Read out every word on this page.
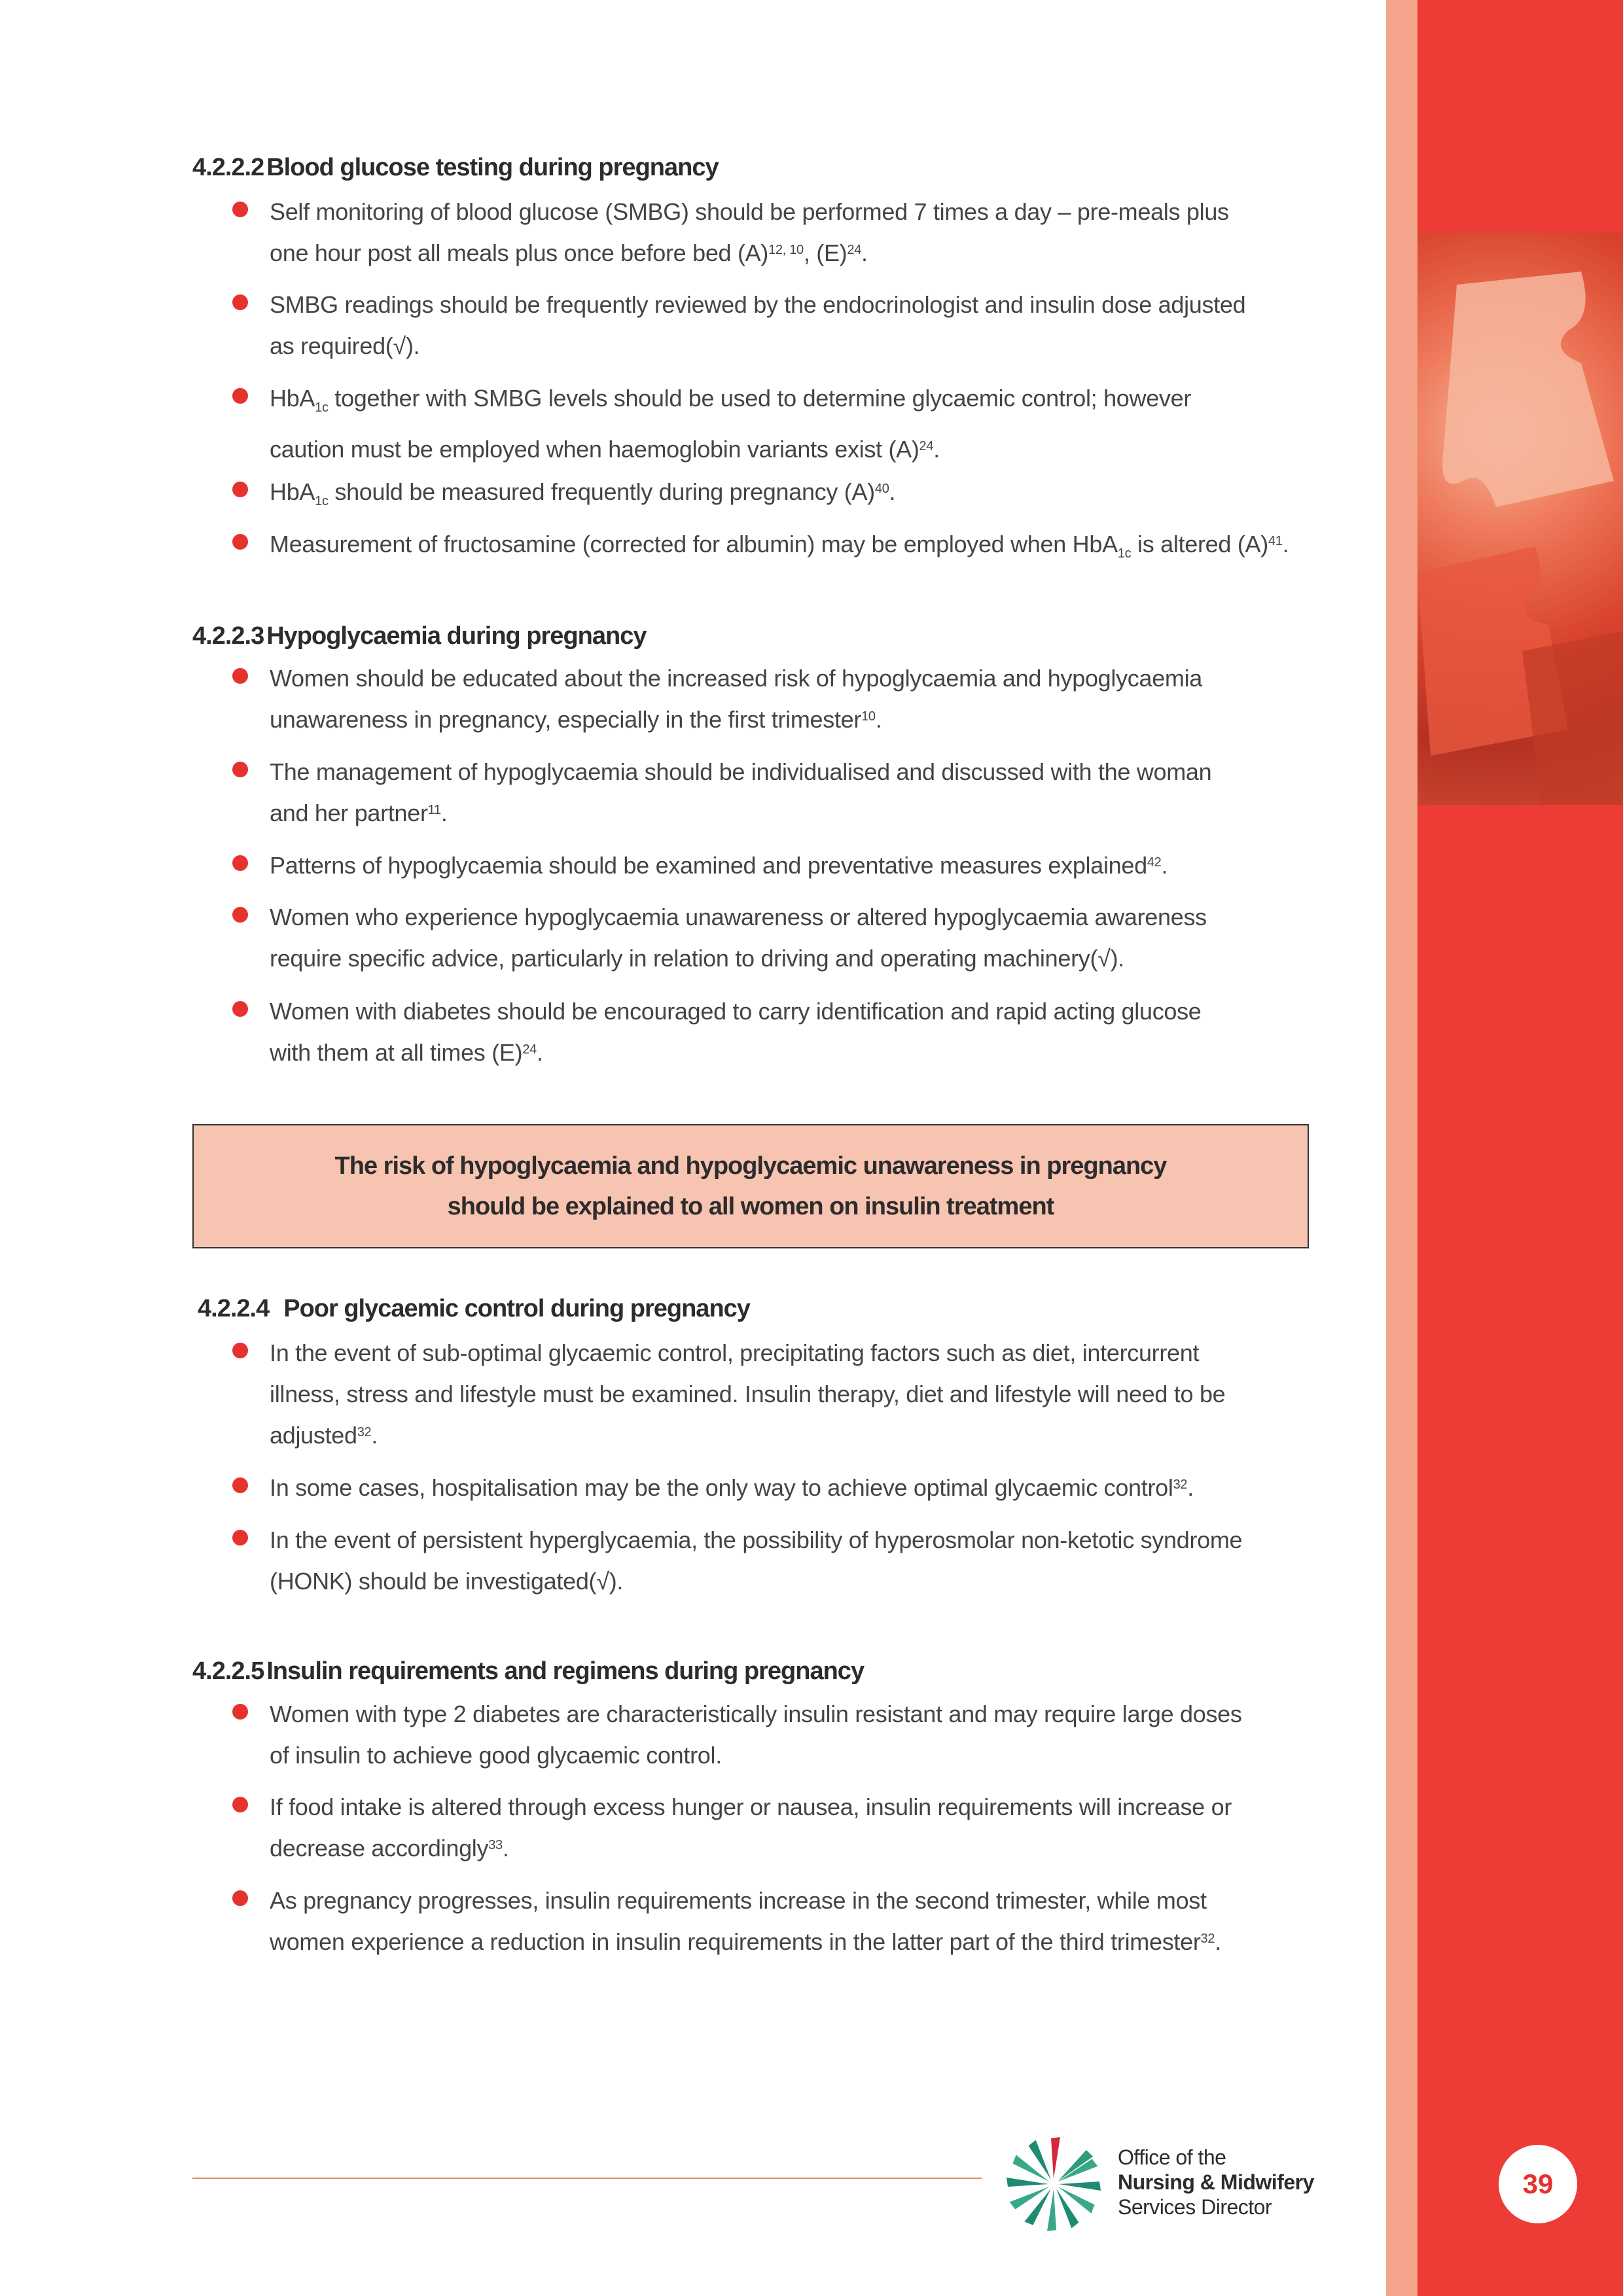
4.2.2.2 Blood glucose testing during pregnancy
Self monitoring of blood glucose (SMBG) should be performed 7 times a day – pre-meals plus
one hour post all meals plus once before bed $(A)^{12, 10}$, $(E)^{24}$.
SMBG readings should be frequently reviewed by the endocrinologist and insulin dose adjusted
as required(√).
HbA$_{1c}$ together with SMBG levels should be used to determine glycaemic control; however
caution must be employed when haemoglobin variants exist $(A)^{24}$.
HbA$_{1c}$ should be measured frequently during pregnancy $(A)^{40}$.
Measurement of fructosamine (corrected for albumin) may be employed when HbA$_{1c}$ is altered $(A)^{41}$.
4.2.2.3 Hypoglycaemia during pregnancy
Women should be educated about the increased risk of hypoglycaemia and hypoglycaemia
unawareness in pregnancy, especially in the first trimester$^{10}$.
The management of hypoglycaemia should be individualised and discussed with the woman
and her partner$^{11}$.
Patterns of hypoglycaemia should be examined and preventative measures explained$^{42}$.
Women who experience hypoglycaemia unawareness or altered hypoglycaemia awareness
require specific advice, particularly in relation to driving and operating machinery(√).
Women with diabetes should be encouraged to carry identification and rapid acting glucose
with them at all times $(E)^{24}$.
The risk of hypoglycaemia and hypoglycaemic unawareness in pregnancy
should be explained to all women on insulin treatment
4.2.2.4 Poor glycaemic control during pregnancy
In the event of sub-optimal glycaemic control, precipitating factors such as diet, intercurrent
illness, stress and lifestyle must be examined. Insulin therapy, diet and lifestyle will need to be
adjusted$^{32}$.
In some cases, hospitalisation may be the only way to achieve optimal glycaemic control$^{32}$.
In the event of persistent hyperglycaemia, the possibility of hyperosmolar non-ketotic syndrome
(HONK) should be investigated(√).
4.2.2.5 Insulin requirements and regimens during pregnancy
Women with type 2 diabetes are characteristically insulin resistant and may require large doses
of insulin to achieve good glycaemic control.
If food intake is altered through excess hunger or nausea, insulin requirements will increase or
decrease accordingly$^{33}$.
As pregnancy progresses, insulin requirements increase in the second trimester, while most
women experience a reduction in insulin requirements in the latter part of the third trimester$^{32}$.
Office of the
Nursing & Midwifery
Services Director
39
